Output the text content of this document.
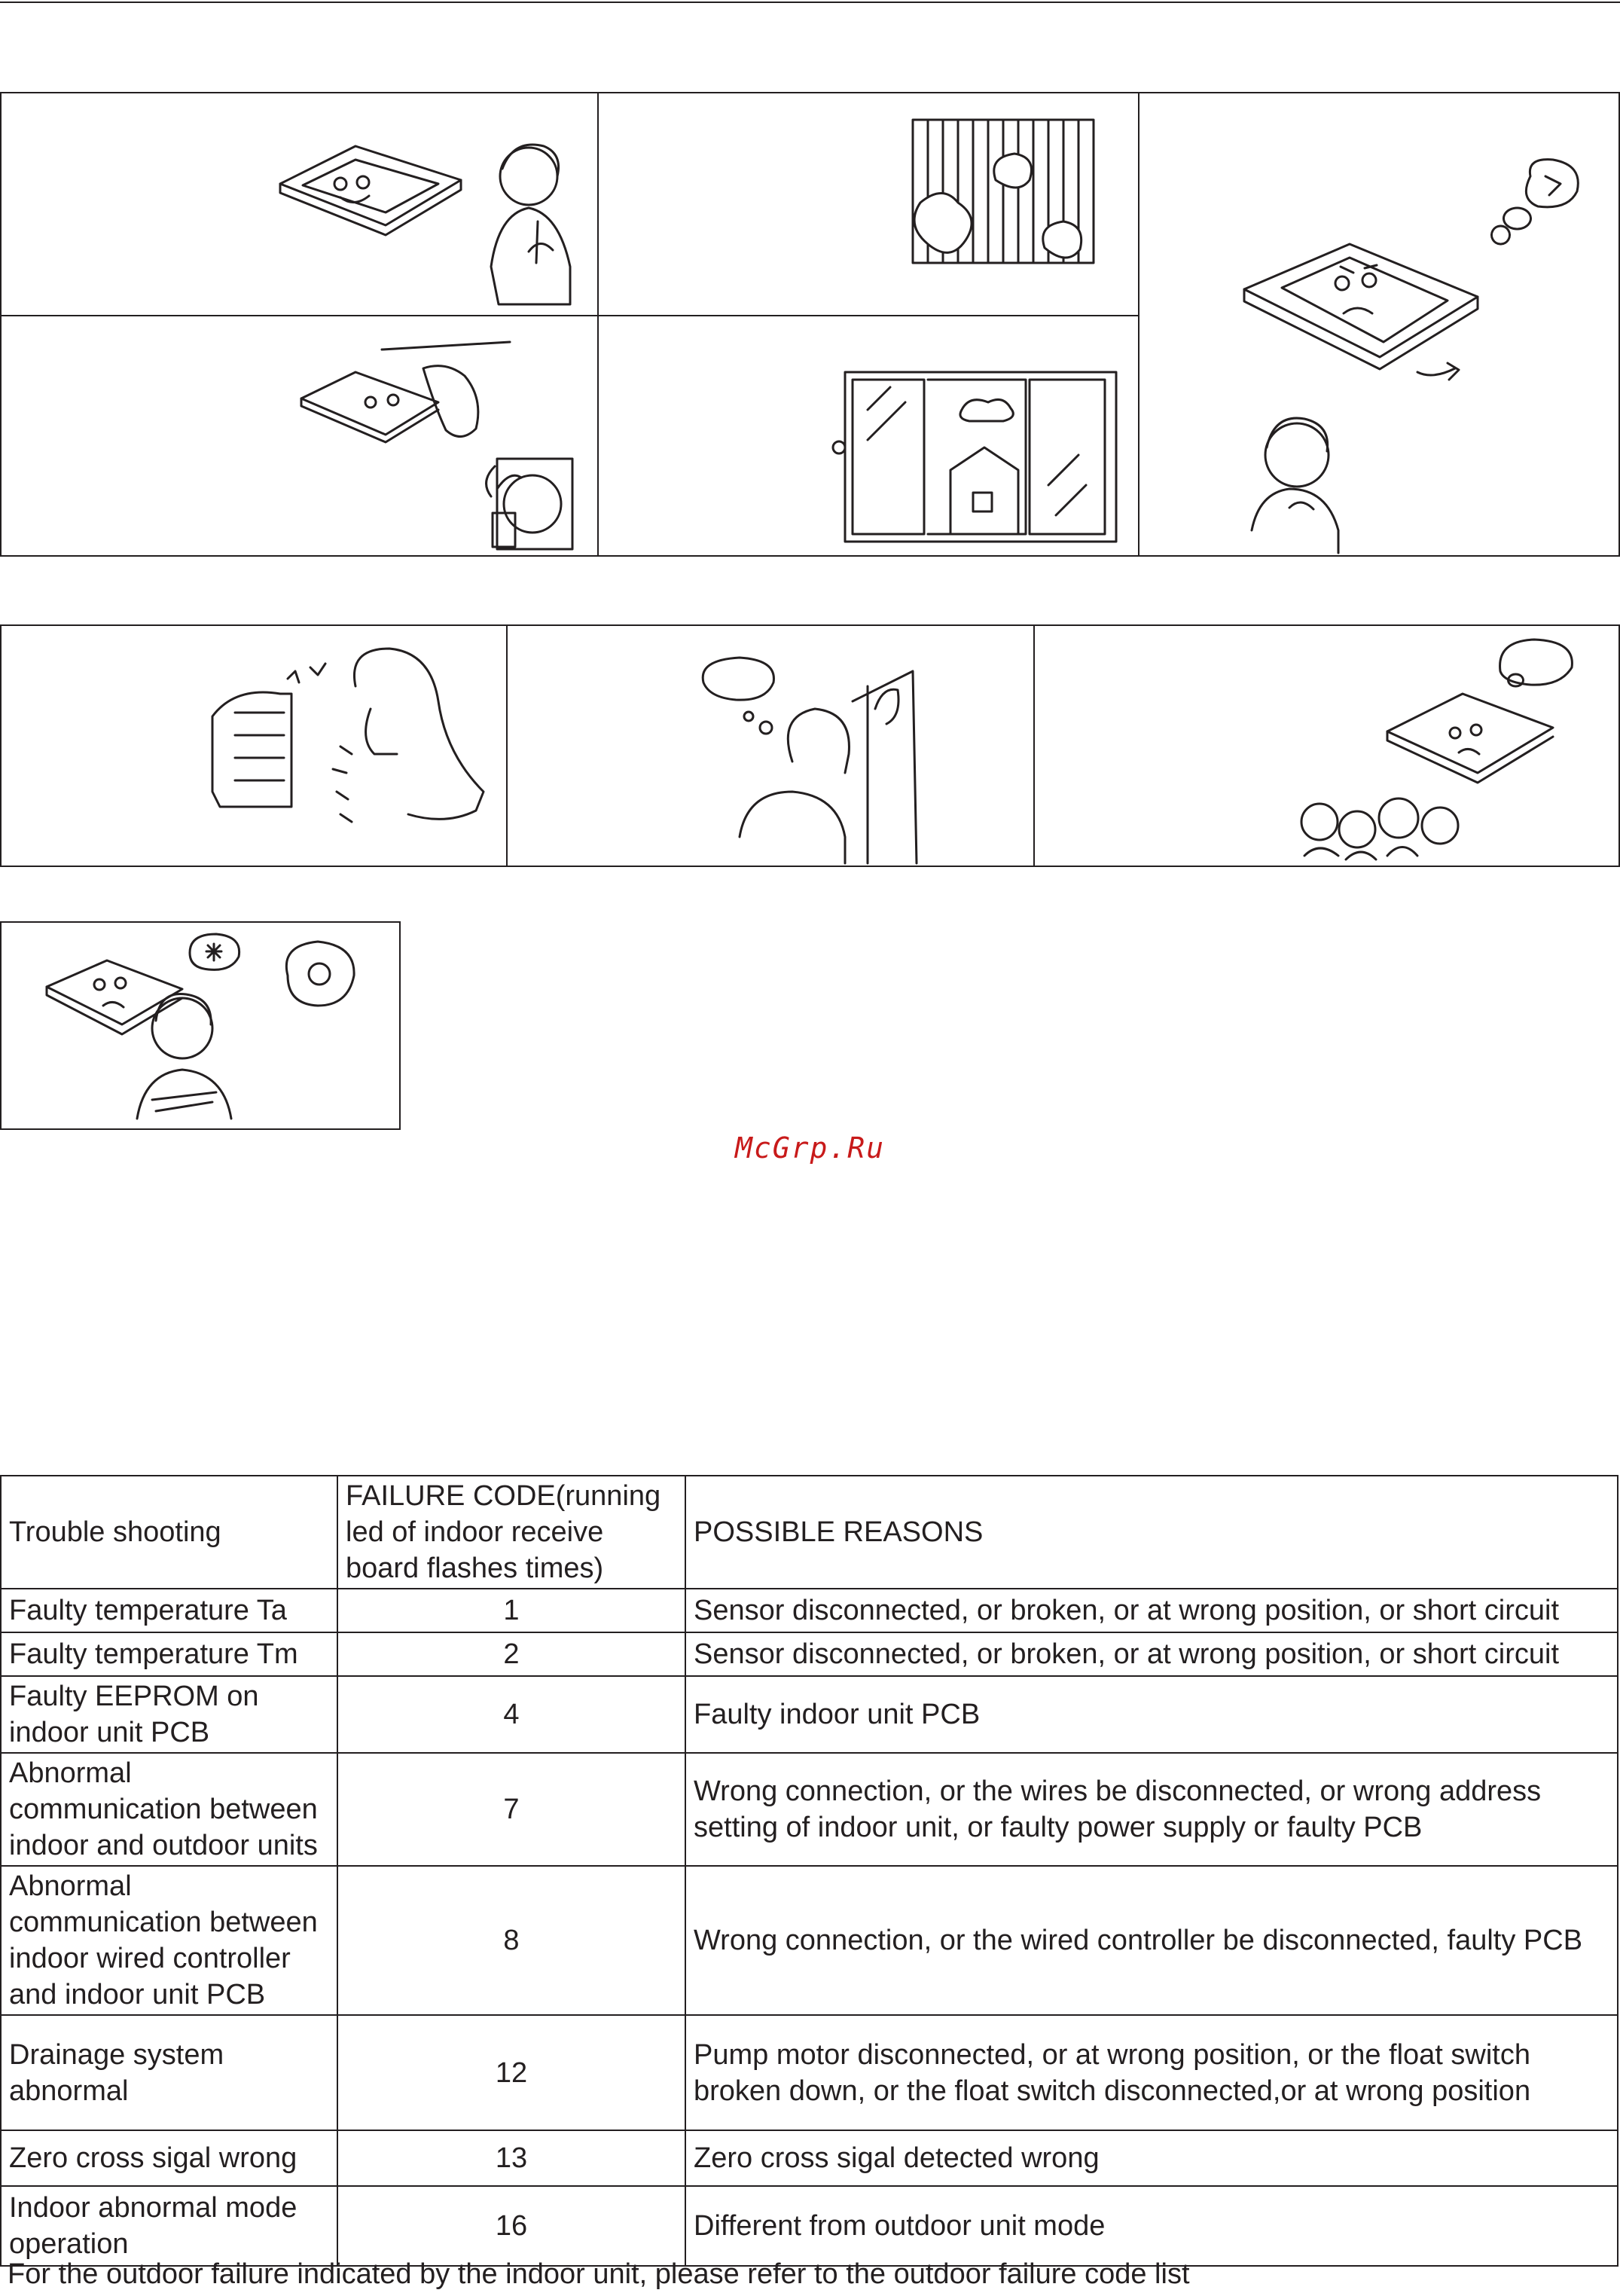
McGrp.Ru
Trouble shooting	FAILURE CODE(running led of indoor receive board flashes times)	POSSIBLE REASONS
Faulty temperature Ta	1	Sensor disconnected, or broken, or at wrong position, or short circuit
Faulty temperature Tm	2	Sensor disconnected, or broken, or at wrong position, or short circuit
Faulty EEPROM on indoor unit PCB	4	Faulty indoor unit PCB
Abnormal communication between indoor and outdoor units	7	Wrong connection, or the wires be disconnected, or wrong address setting of indoor unit, or faulty power supply or faulty PCB
Abnormal communication between indoor wired controller and indoor unit PCB	8	Wrong connection, or the wired controller be disconnected, faulty PCB
Drainage system abnormal	12	Pump motor disconnected, or at wrong position, or the float switch broken down, or the float switch disconnected,or at wrong position
Zero cross sigal wrong	13	Zero cross sigal detected wrong
Indoor abnormal mode operation	16	Different from outdoor unit mode
For the outdoor failure indicated by the indoor unit, please refer to the outdoor failure code list
